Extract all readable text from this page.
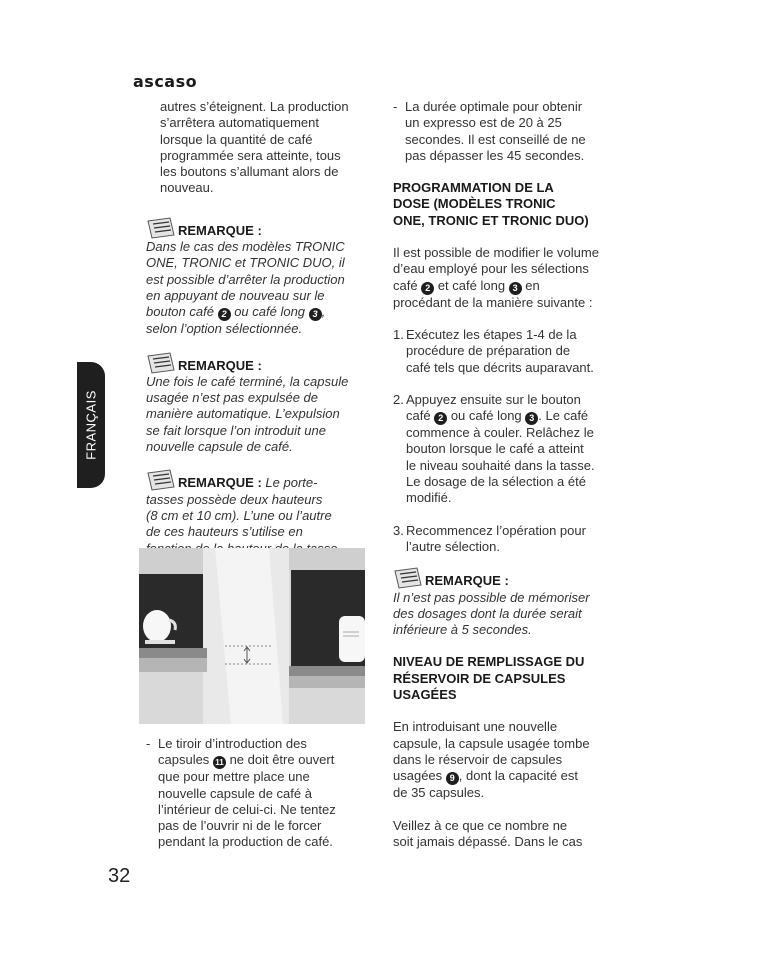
ascaso
FRANÇAIS

autres s’éteignent. La production

s’arrêtera automatiquement

lorsque la quantité de café

programmée sera atteinte, tous

les boutons s’allumant alors de

nouveau.

REMARQUE :

Dans le cas des modèles TRONIC

ONE, TRONIC et TRONIC DUO, il

est possible d’arrêter la production

en appuyant de nouveau sur le

bouton café 2 ou café long 3 ,

selon l’option sélectionnée.

REMARQUE :

Une fois le café terminé, la capsule

usagée n’est pas expulsée de

manière automatique. L’expulsion

se fait lorsque l’on introduit une

nouvelle capsule de café.

REMARQUE : Le porte-

tasses possède deux hauteurs

(8 cm et 10 cm). L’une ou l’autre

de ces hauteurs s’utilise en

- Le tiroir d’introduction des

capsules 11 ne doit être ouvert

que pour mettre place une

nouvelle capsule de café à

l’intérieur de celui-ci. Ne tentez

pas de l’ouvrir ni de le forcer

pendant la production de café.

- La durée optimale pour obtenir

un expresso est de 20 à 25

secondes. Il est conseillé de ne

pas dépasser les 45 secondes.

PROGRAMMATION DE LA

DOSE (MODÈLES TRONIC

ONE, TRONIC ET TRONIC DUO)

Il est possible de modifier le volume

d’eau employé pour les sélections

café 2 et café long 3 en

procédant de la manière suivante :

1. Exécutez les étapes 1-4 de la

procédure de préparation de

café tels que décrits auparavant.

2. Appuyez ensuite sur le bouton

café 2 ou café long 3 . Le café

commence à couler. Relâchez le

bouton lorsque le café a atteint

le niveau souhaité dans la tasse.

Le dosage de la sélection a été

modifié.

3. Recommencez l’opération pour

l’autre sélection.

REMARQUE :

Il n’est pas possible de mémoriser

des dosages dont la durée serait

inférieure à 5 secondes.

NIVEAU DE REMPLISSAGE DU

RÉSERVOIR DE CAPSULES

USAGÉES

En introduisant une nouvelle

capsule, la capsule usagée tombe

dans le réservoir de capsules

usagées 9 , dont la capacité est

de 35 capsules.

Veillez à ce que ce nombre ne

soit jamais dépassé. Dans le cas

32
